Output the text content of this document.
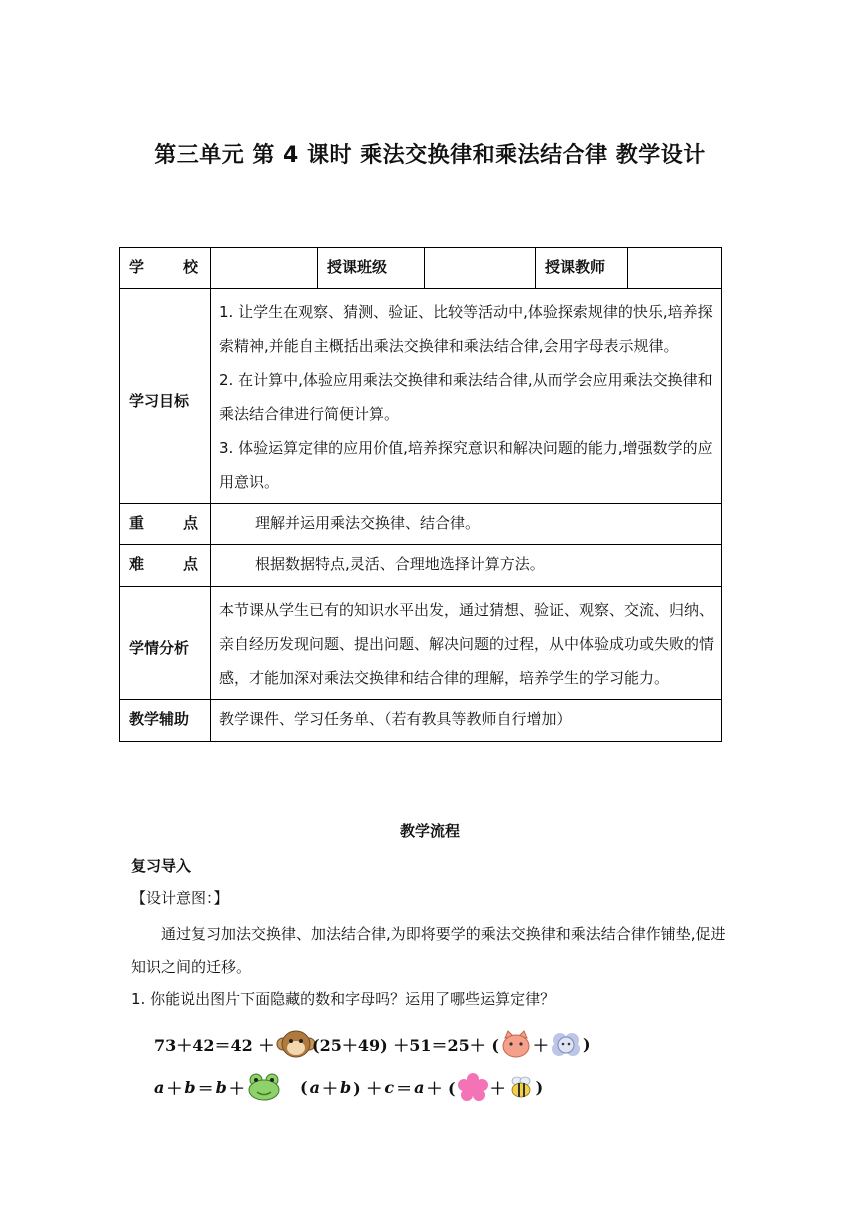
第三单元 第 4 课时 乘法交换律和乘法结合律 教学设计
学 校		授课班级		授课教师	
学习目标	1. 让学生在观察、猜测、验证、比较等活动中,体验探索规律的快乐,培养探索精神,并能自主概括出乘法交换律和乘法结合律,会用字母表示规律。
2. 在计算中,体验应用乘法交换律和乘法结合律,从而学会应用乘法交换律和乘法结合律进行简便计算。
3. 体验运算定律的应用价值,培养探究意识和解决问题的能力,增强数学的应用意识。				

重 点	理解并运用乘法交换律、结合律。				

难 点	根据数据特点,灵活、合理地选择计算方法。				
学情分析	本节课从学生已有的知识水平出发，通过猜想、验证、观察、交流、归纳、亲自经历发现问题、提出问题、解决问题的过程，从中体验成功或失败的情感，才能加深对乘法交换律和结合律的理解，培养学生的学习能力。				
教学辅助	教学课件、学习任务单、（若有教具等教师自行增加）				
教学流程
复习导入
【设计意图：】
通过复习加法交换律、加法结合律,为即将要学的乘法交换律和乘法结合律作铺垫,促进知识之间的迁移。
1. 你能说出图片下面隐藏的数和字母吗？运用了哪些运算定律？
73＋42＝42 ＋ (25＋49) ＋51＝25＋ ( ＋ )
a ＋ b ＝ b ＋	( a ＋ b ) ＋ c ＝ a ＋ ( ＋ )
